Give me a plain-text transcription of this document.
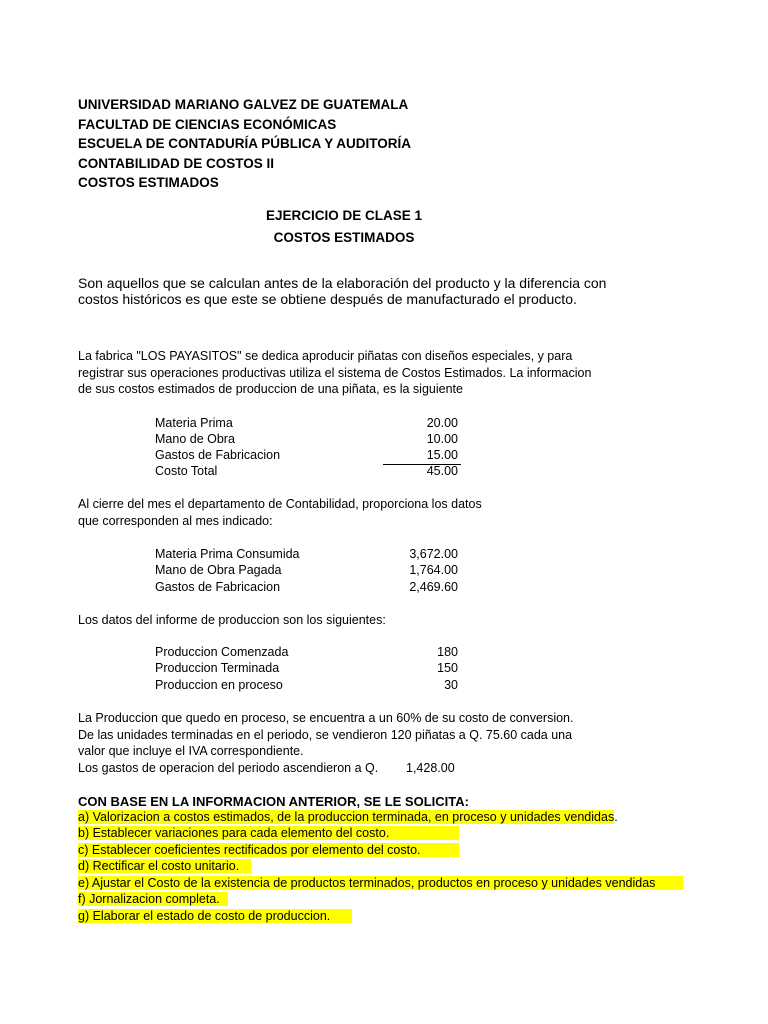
UNIVERSIDAD MARIANO GALVEZ DE GUATEMALA
FACULTAD DE CIENCIAS ECONÓMICAS
ESCUELA DE CONTADURÍA PÚBLICA Y AUDITORÍA
CONTABILIDAD DE COSTOS II
COSTOS ESTIMADOS
EJERCICIO DE CLASE 1
COSTOS ESTIMADOS
Son aquellos que se calculan antes de la elaboración del producto y la diferencia con
costos históricos es que este se obtiene después de manufacturado el producto.
La fabrica "LOS PAYASITOS" se dedica aproducir piñatas con diseños especiales, y para
registrar sus operaciones productivas utiliza el sistema de Costos Estimados. La informacion
de sus costos estimados de produccion de una piñata, es la siguiente
Materia Prima	20.00
Mano de Obra	10.00
Gastos de Fabricacion	15.00
Costo Total	45.00
Al cierre del mes el departamento de Contabilidad, proporciona los datos
que corresponden al mes indicado:
Materia Prima Consumida	3,672.00
Mano de Obra Pagada	1,764.00
Gastos de Fabricacion	2,469.60
Los datos del informe de produccion son los siguientes:
Produccion Comenzada	180
Produccion Terminada	150
Produccion en proceso	30
La Produccion que quedo en proceso, se encuentra a un 60% de su costo de conversion.
De las unidades terminadas en el periodo, se vendieron 120 piñatas a Q. 75.60 cada una
valor que incluye el IVA correspondiente.
Los gastos de operacion del periodo ascendieron a Q. 1,428.00
CON BASE EN LA INFORMACION ANTERIOR, SE LE SOLICITA:
a) Valorizacion a costos estimados, de la produccion terminada, en proceso y unidades vendidas.
b) Establecer variaciones para cada elemento del costo.
c) Establecer coeficientes rectificados por elemento del costo.
d) Rectificar el costo unitario.
e) Ajustar el Costo de la existencia de productos terminados, productos en proceso y unidades vendidas
f) Jornalizacion completa.
g) Elaborar el estado de costo de produccion.
